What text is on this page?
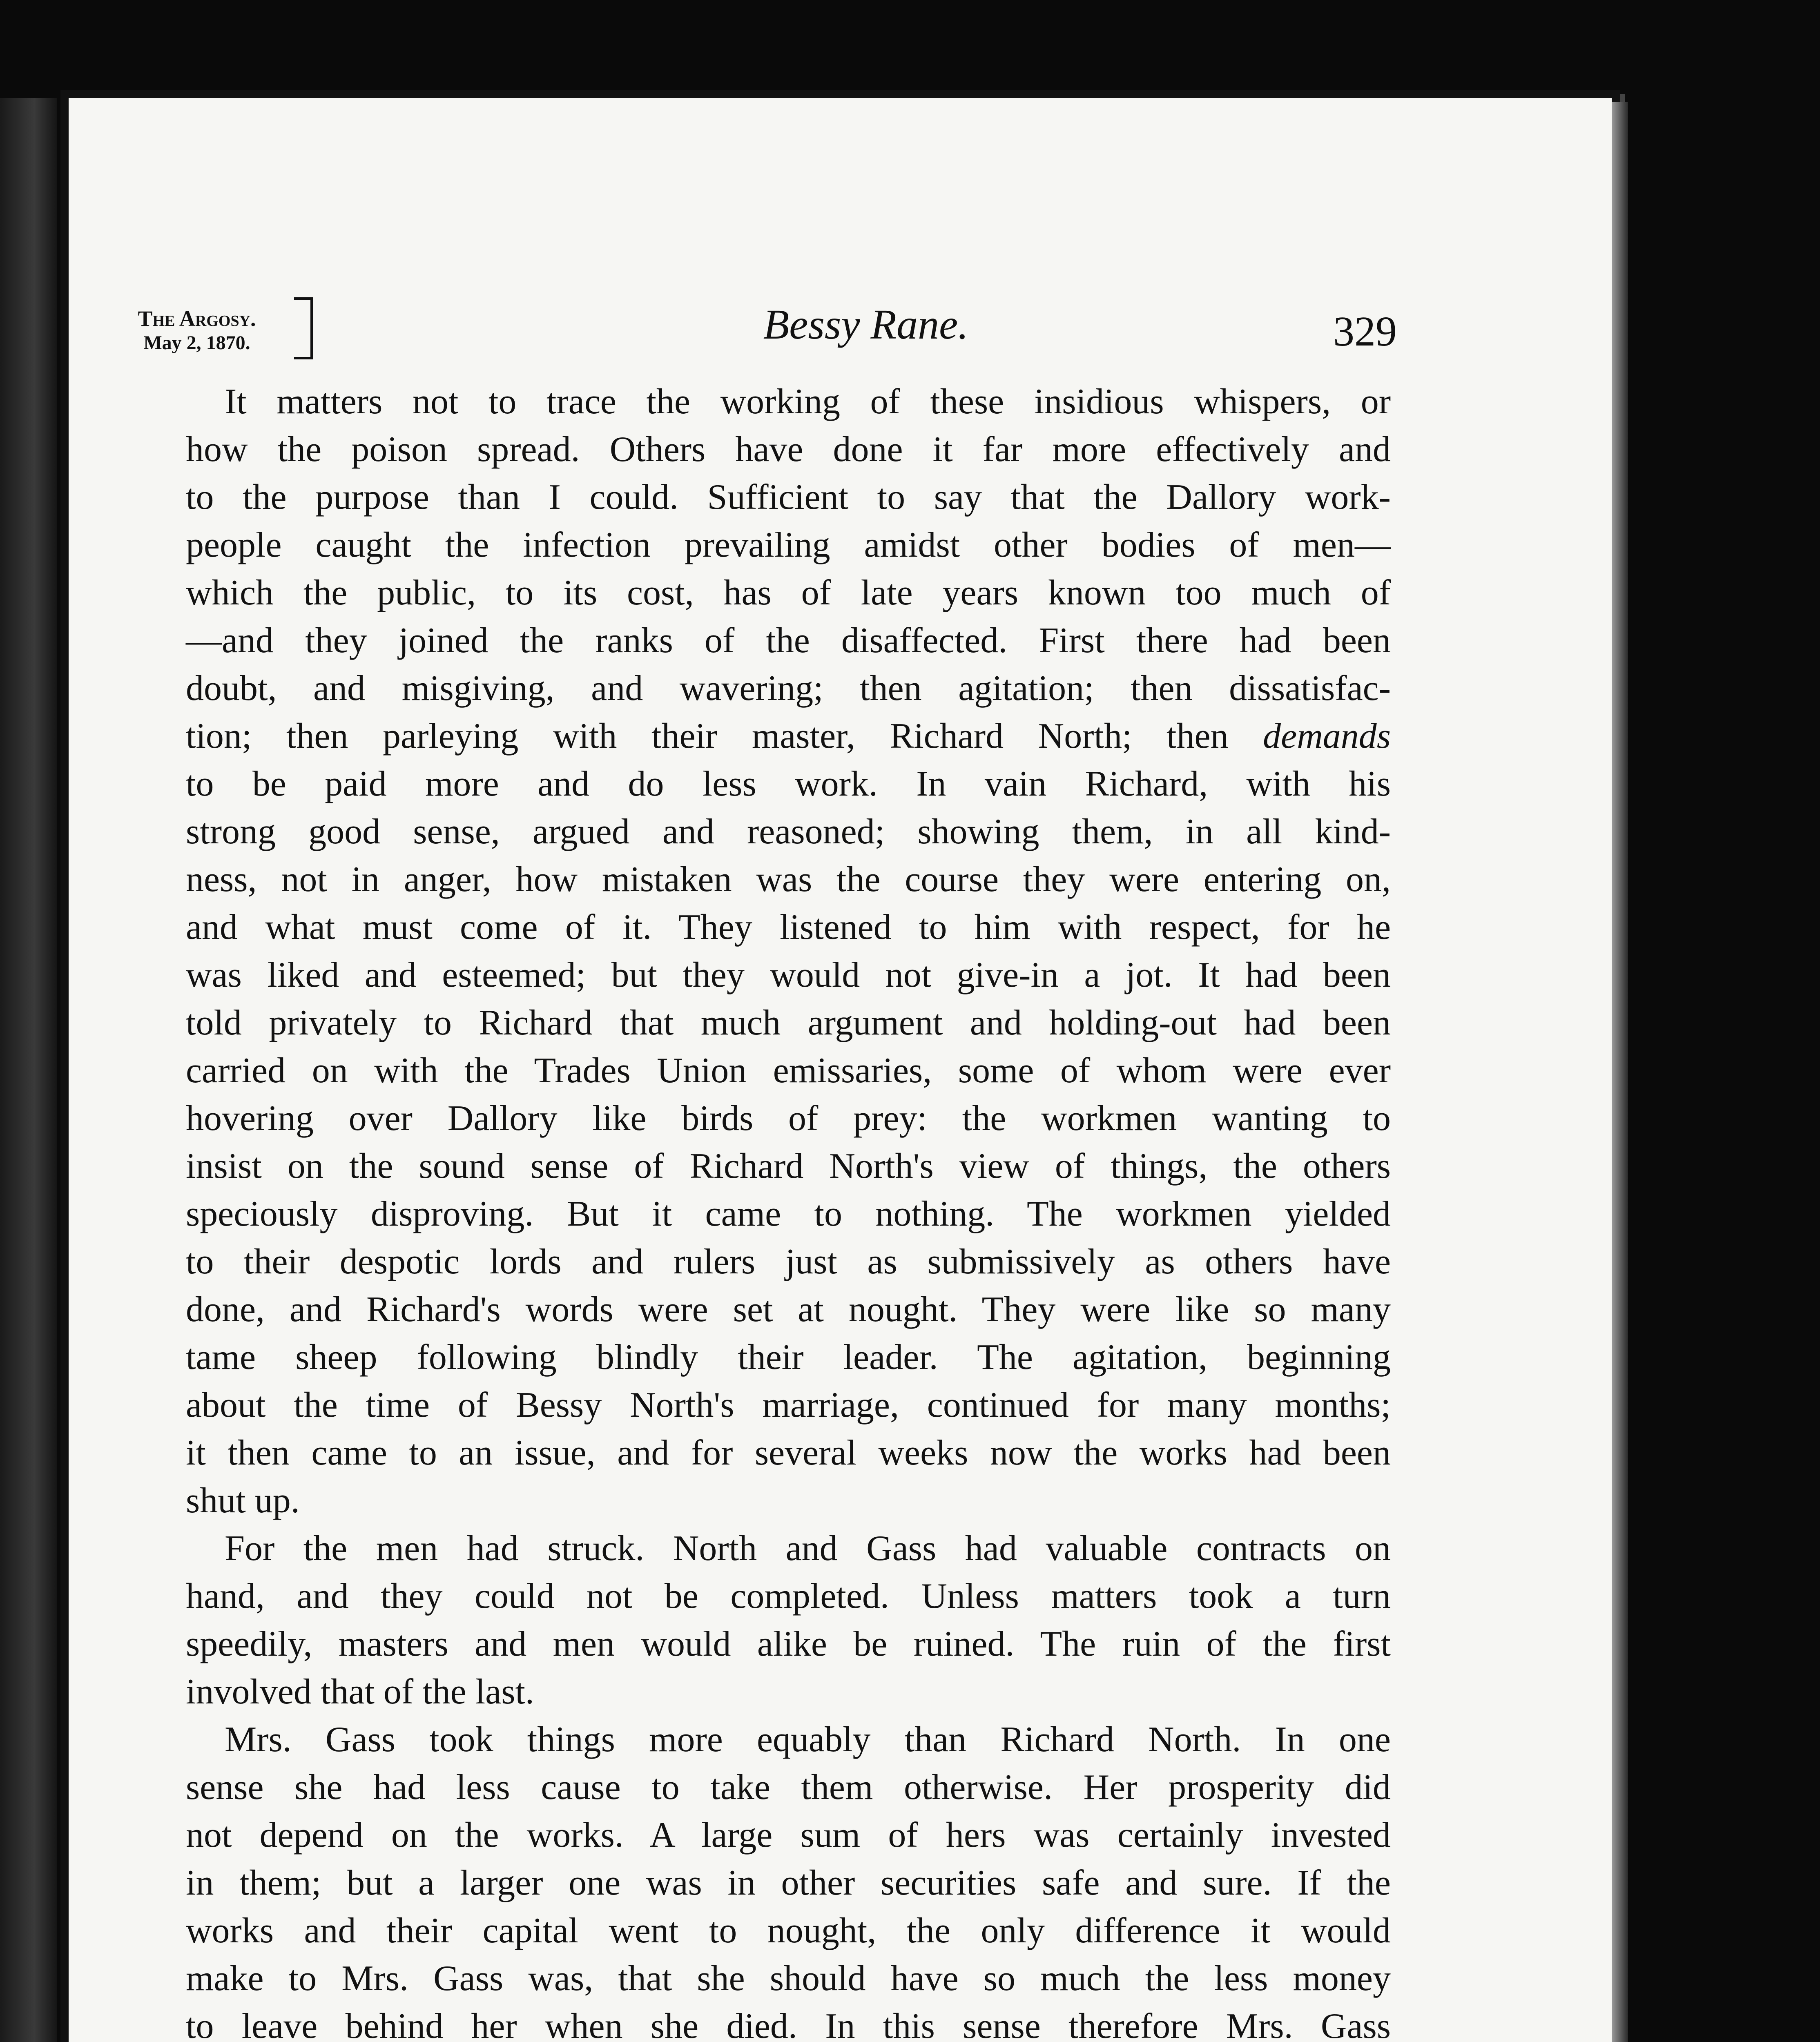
The Argosy.
May 2, 1870.	Bessy Rane.	329
It matters not to trace the working of these insidious whispers, or
how the poison spread. Others have done it far more effectively and
to the purpose than I could. Sufficient to say that the Dallory work-
people caught the infection prevailing amidst other bodies of men—
which the public, to its cost, has of late years known too much of
—and they joined the ranks of the disaffected. First there had been
doubt, and misgiving, and wavering; then agitation; then dissatisfac-
tion; then parleying with their master, Richard North; then demands
to be paid more and do less work. In vain Richard, with his
strong good sense, argued and reasoned; showing them, in all kind-
ness, not in anger, how mistaken was the course they were entering on,
and what must come of it. They listened to him with respect, for he
was liked and esteemed; but they would not give-in a jot. It had been
told privately to Richard that much argument and holding-out had been
carried on with the Trades Union emissaries, some of whom were ever
hovering over Dallory like birds of prey: the workmen wanting to
insist on the sound sense of Richard North's view of things, the others
speciously disproving. But it came to nothing. The workmen yielded
to their despotic lords and rulers just as submissively as others have
done, and Richard's words were set at nought. They were like so many
tame sheep following blindly their leader. The agitation, beginning
about the time of Bessy North's marriage, continued for many months;
it then came to an issue, and for several weeks now the works had been
shut up.
For the men had struck. North and Gass had valuable contracts on
hand, and they could not be completed. Unless matters took a turn
speedily, masters and men would alike be ruined. The ruin of the first
involved that of the last.
Mrs. Gass took things more equably than Richard North. In one
sense she had less cause to take them otherwise. Her prosperity did
not depend on the works. A large sum of hers was certainly invested
in them; but a larger one was in other securities safe and sure. If the
works and their capital went to nought, the only difference it would
make to Mrs. Gass was, that she should have so much the less money
to leave behind her when she died. In this sense therefore Mrs. Gass
